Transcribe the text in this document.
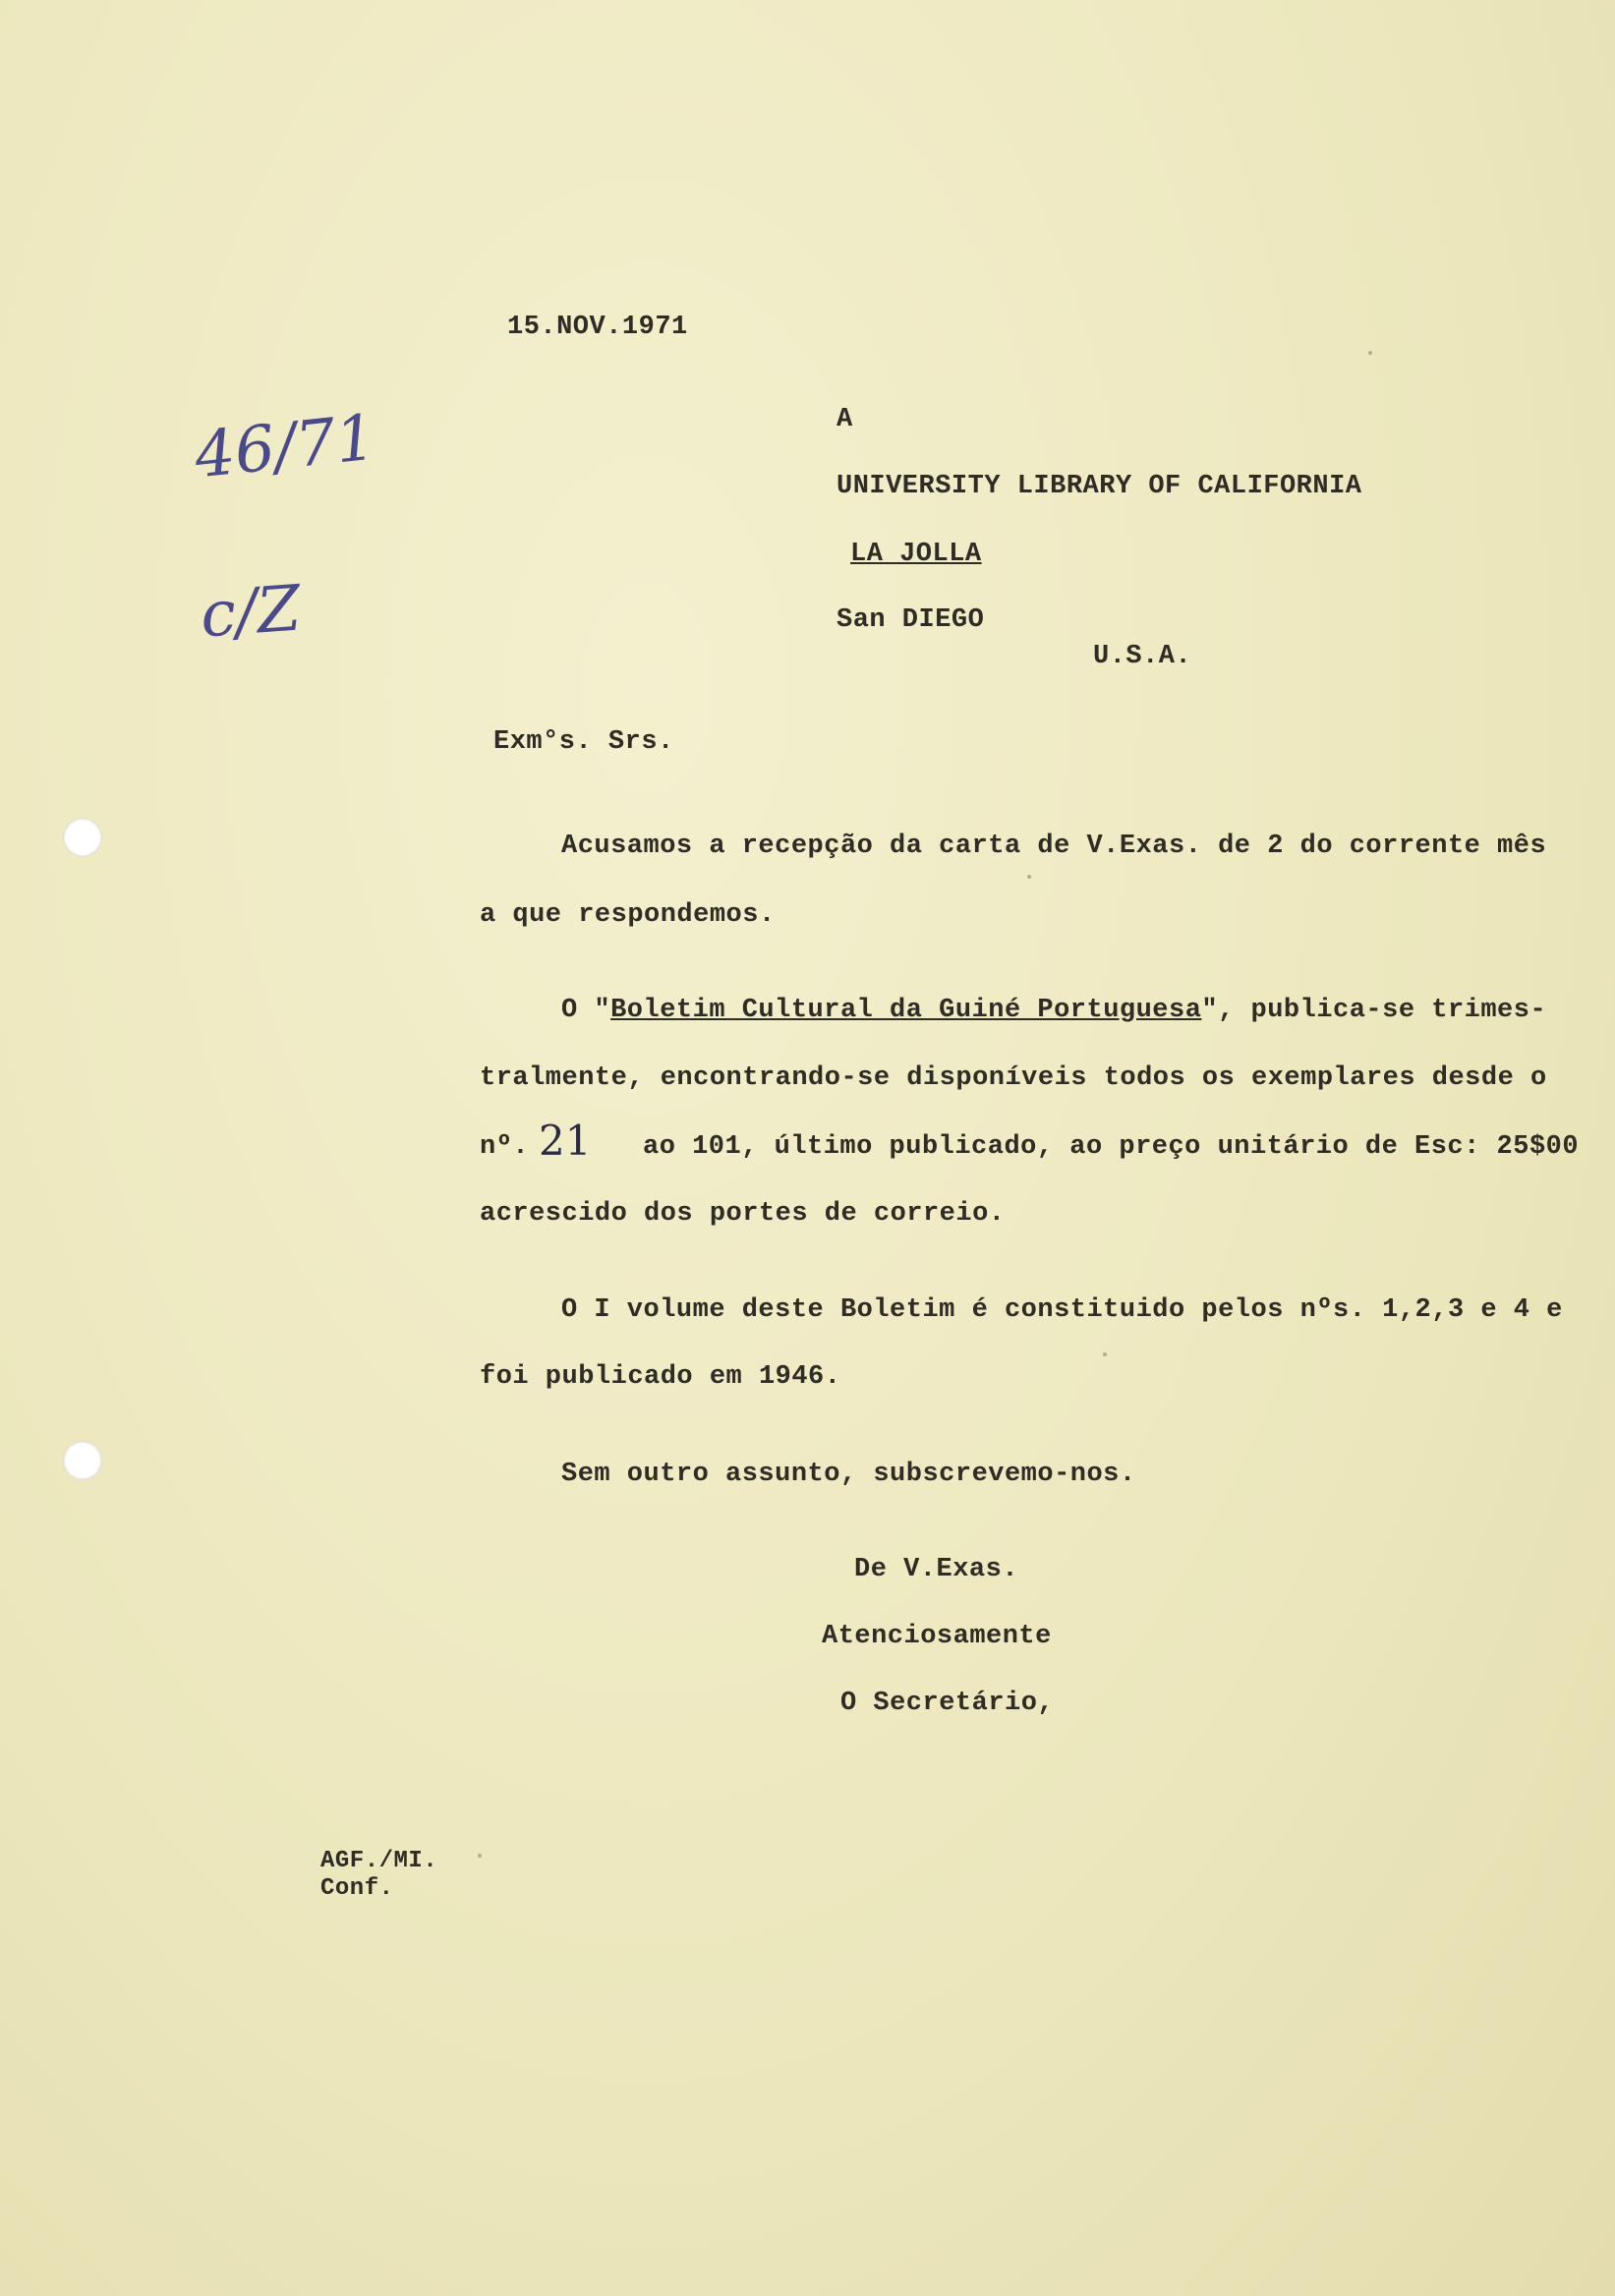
46/71
c/Z
15.NOV.1971
A
UNIVERSITY LIBRARY OF CALIFORNIA
LA JOLLA
San DIEGO
U.S.A.
Exm°s. Srs.
Acusamos a recepção da carta de V.Exas. de 2 do corrente mês
a que respondemos.
O "Boletim Cultural da Guiné Portuguesa", publica-se trimes-
tralmente, encontrando-se disponíveis todos os exemplares desde o
nº. 21 ao 101, último publicado, ao preço unitário de Esc: 25$00
acrescido dos portes de correio.
O I volume deste Boletim é constituido pelos nºs. 1,2,3 e 4 e
foi publicado em 1946.
Sem outro assunto, subscrevemo-nos.
De V.Exas.
Atenciosamente
O Secretário,
AGF./MI.
Conf.
